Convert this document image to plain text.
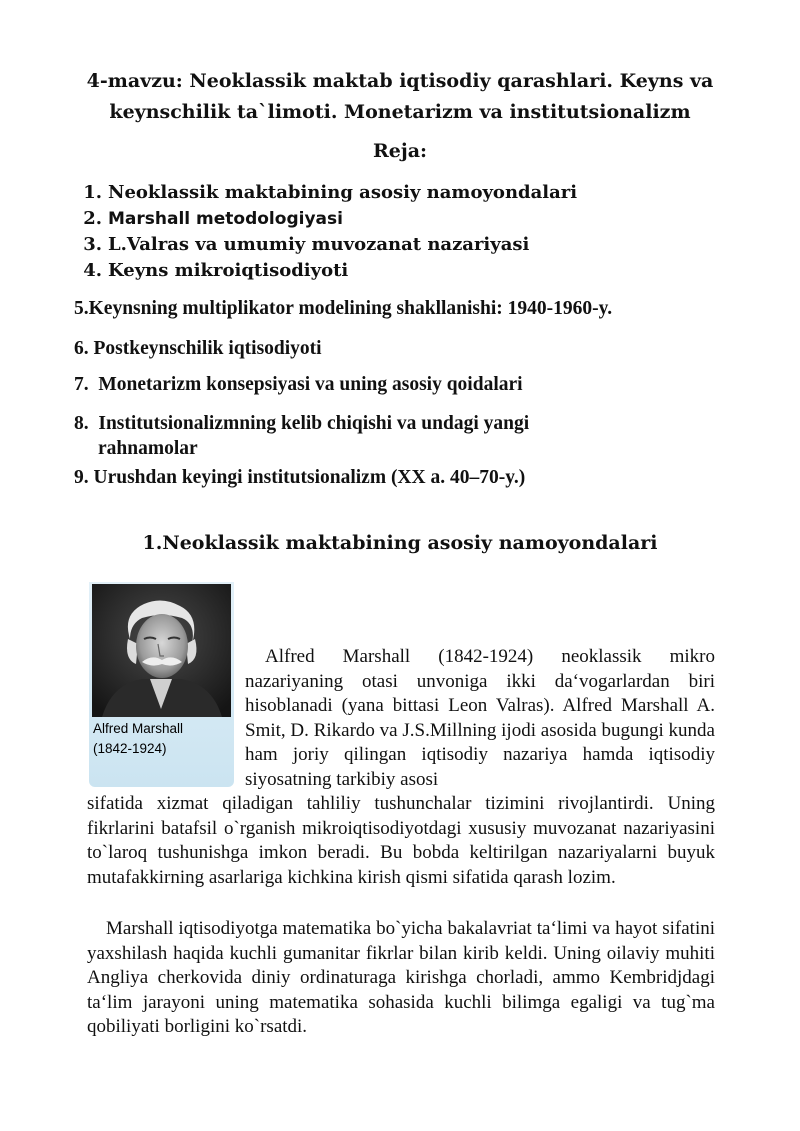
4-mavzu: Neoklassik maktab iqtisodiy qarashlari. Keyns va
keynschilik ta`limoti. Monetarizm va institutsionalizm
Reja:
1. Neoklassik maktabining asosiy namoyondalari
2. Marshall metodologiyasi
3. L.Valras va umumiy muvozanat nazariyasi
4. Keyns mikroiqtisodiyoti
5.Keynsning multiplikator modelining shakllanishi: 1940-1960-y.
6. Postkeynschilik iqtisodiyoti
7. Monetarizm konsepsiyasi va uning asosiy qoidalari
8. Institutsionalizmning kelib chiqishi va undagi yangi
rahnamolar
9. Urushdan keyingi institutsionalizm (XX a. 40–70-y.)
1.Neoklassik maktabining asosiy namoyondalari
Alfred Marshall
(1842-1924)
Alfred Marshall (1842-1924) neoklassik mikro nazariyaning otasi unvoniga ikki da‘vogarlardan biri hisoblanadi (yana bittasi Leon Valras). Alfred Marshall A. Smit, D. Rikardo va J.S.Millning ijodi asosida bugungi kunda ham joriy qilingan iqtisodiy nazariya hamda iqtisodiy siyosatning tarkibiy asosi
sifatida xizmat qiladigan tahliliy tushunchalar tizimini rivojlantirdi. Uning fikrlarini batafsil o`rganish mikroiqtisodiyotdagi xususiy muvozanat nazariyasini to`laroq tushunishga imkon beradi. Bu bobda keltirilgan nazariyalarni buyuk mutafakkirning asarlariga kichkina kirish qismi sifatida qarash lozim.
Marshall iqtisodiyotga matematika bo`yicha bakalavriat ta‘limi va hayot sifatini yaxshilash haqida kuchli gumanitar fikrlar bilan kirib keldi. Uning oilaviy muhiti Angliya cherkovida diniy ordinaturaga kirishga chorladi, ammo Kembridjdagi ta‘lim jarayoni uning matematika sohasida kuchli bilimga egaligi va tug`ma qobiliyati borligini ko`rsatdi.
